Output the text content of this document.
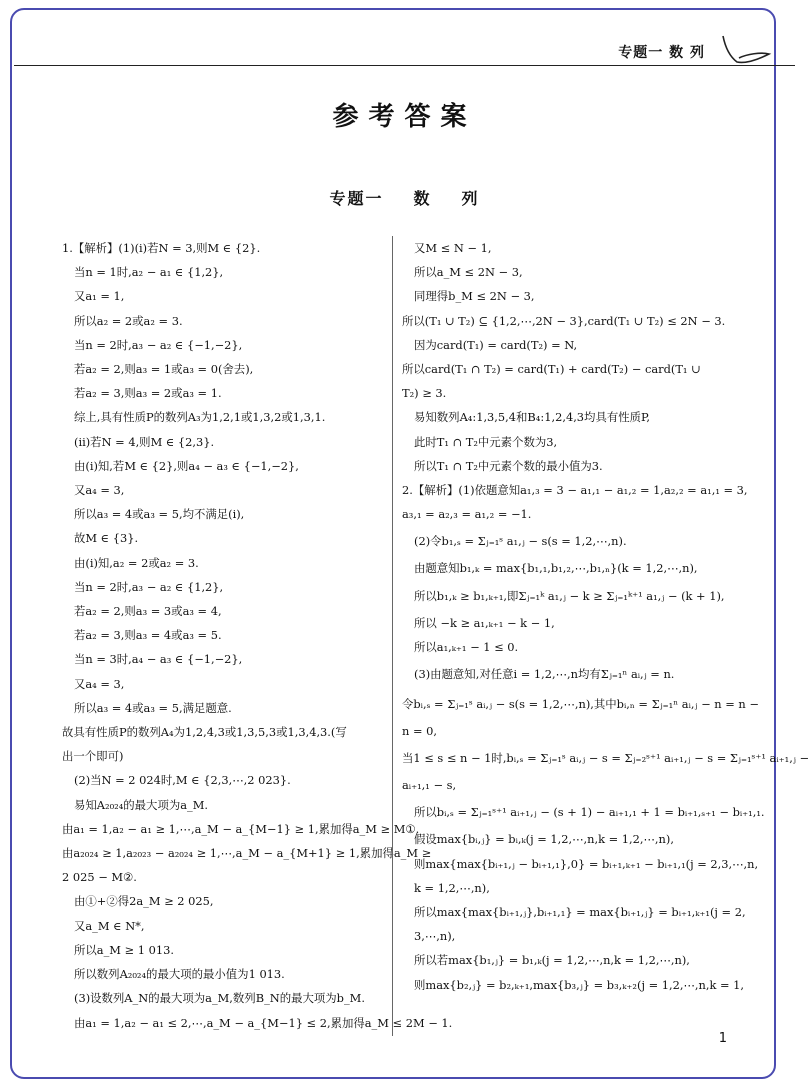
专题一 数 列
参考答案
专题一 数 列
1.【解析】(1)(ⅰ)若N = 3,则M ∈ {2}.
当n = 1时,a₂ − a₁ ∈ {1,2},
又a₁ = 1,
所以a₂ = 2或a₂ = 3.
当n = 2时,a₃ − a₂ ∈ {−1,−2},
若a₂ = 2,则a₃ = 1或a₃ = 0(舍去),
若a₂ = 3,则a₃ = 2或a₃ = 1.
综上,具有性质P的数列A₃为1,2,1或1,3,2或1,3,1.
(ⅱ)若N = 4,则M ∈ {2,3}.
由(ⅰ)知,若M ∈ {2},则a₄ − a₃ ∈ {−1,−2},
又a₄ = 3,
所以a₃ = 4或a₃ = 5,均不满足(ⅰ),
故M ∈ {3}.
由(ⅰ)知,a₂ = 2或a₂ = 3.
当n = 2时,a₃ − a₂ ∈ {1,2},
若a₂ = 2,则a₃ = 3或a₃ = 4,
若a₂ = 3,则a₃ = 4或a₃ = 5.
当n = 3时,a₄ − a₃ ∈ {−1,−2},
又a₄ = 3,
所以a₃ = 4或a₃ = 5,满足题意.
故具有性质P的数列A₄为1,2,4,3或1,3,5,3或1,3,4,3.(写
出一个即可)
(2)当N = 2 024时,M ∈ {2,3,⋯,2 023}.
易知A₂₀₂₄的最大项为a_M.
由a₁ = 1,a₂ − a₁ ≥ 1,⋯,a_M − a_{M−1} ≥ 1,累加得a_M ≥ M①.
由a₂₀₂₄ ≥ 1,a₂₀₂₃ − a₂₀₂₄ ≥ 1,⋯,a_M − a_{M+1} ≥ 1,累加得a_M ≥
2 025 − M②.
由①+②得2a_M ≥ 2 025,
又a_M ∈ N*,
所以a_M ≥ 1 013.
所以数列A₂₀₂₄的最大项的最小值为1 013.
(3)设数列A_N的最大项为a_M,数列B_N的最大项为b_M.
由a₁ = 1,a₂ − a₁ ≤ 2,⋯,a_M − a_{M−1} ≤ 2,累加得a_M ≤ 2M − 1.
又M ≤ N − 1,
所以a_M ≤ 2N − 3,
同理得b_M ≤ 2N − 3,
所以(T₁ ∪ T₂) ⊆ {1,2,⋯,2N − 3},card(T₁ ∪ T₂) ≤ 2N − 3.
因为card(T₁) = card(T₂) = N,
所以card(T₁ ∩ T₂) = card(T₁) + card(T₂) − card(T₁ ∪
T₂) ≥ 3.
易知数列A₄:1,3,5,4和B₄:1,2,4,3均具有性质P,
此时T₁ ∩ T₂中元素个数为3,
所以T₁ ∩ T₂中元素个数的最小值为3.
2.【解析】(1)依题意知a₁,₃ = 3 − a₁,₁ − a₁,₂ = 1,a₂,₂ = a₁,₁ = 3,
a₃,₁ = a₂,₃ = a₁,₂ = −1.
(2)令b₁,ₛ = Σⱼ₌₁ˢ a₁,ⱼ − s(s = 1,2,⋯,n).
由题意知b₁,ₖ = max{b₁,₁,b₁,₂,⋯,b₁,ₙ}(k = 1,2,⋯,n),
所以b₁,ₖ ≥ b₁,ₖ₊₁,即Σⱼ₌₁ᵏ a₁,ⱼ − k ≥ Σⱼ₌₁ᵏ⁺¹ a₁,ⱼ − (k + 1),
所以 −k ≥ a₁,ₖ₊₁ − k − 1,
所以a₁,ₖ₊₁ − 1 ≤ 0.
(3)由题意知,对任意i = 1,2,⋯,n均有Σⱼ₌₁ⁿ aᵢ,ⱼ = n.
令bᵢ,ₛ = Σⱼ₌₁ˢ aᵢ,ⱼ − s(s = 1,2,⋯,n),其中bᵢ,ₙ = Σⱼ₌₁ⁿ aᵢ,ⱼ − n = n −
n = 0,
当1 ≤ s ≤ n − 1时,bᵢ,ₛ = Σⱼ₌₁ˢ aᵢ,ⱼ − s = Σⱼ₌₂ˢ⁺¹ aᵢ₊₁,ⱼ − s = Σⱼ₌₁ˢ⁺¹ aᵢ₊₁,ⱼ −
aᵢ₊₁,₁ − s,
所以bᵢ,ₛ = Σⱼ₌₁ˢ⁺¹ aᵢ₊₁,ⱼ − (s + 1) − aᵢ₊₁,₁ + 1 = bᵢ₊₁,ₛ₊₁ − bᵢ₊₁,₁.
假设max{bᵢ,ⱼ} = bᵢ,ₖ(j = 1,2,⋯,n,k = 1,2,⋯,n),
则max{max{bᵢ₊₁,ⱼ − bᵢ₊₁,₁},0} = bᵢ₊₁,ₖ₊₁ − bᵢ₊₁,₁(j = 2,3,⋯,n,
k = 1,2,⋯,n),
所以max{max{bᵢ₊₁,ⱼ},bᵢ₊₁,₁} = max{bᵢ₊₁,ⱼ} = bᵢ₊₁,ₖ₊₁(j = 2,
3,⋯,n),
所以若max{b₁,ⱼ} = b₁,ₖ(j = 1,2,⋯,n,k = 1,2,⋯,n),
则max{b₂,ⱼ} = b₂,ₖ₊₁,max{b₃,ⱼ} = b₃,ₖ₊₂(j = 1,2,⋯,n,k = 1,
1
